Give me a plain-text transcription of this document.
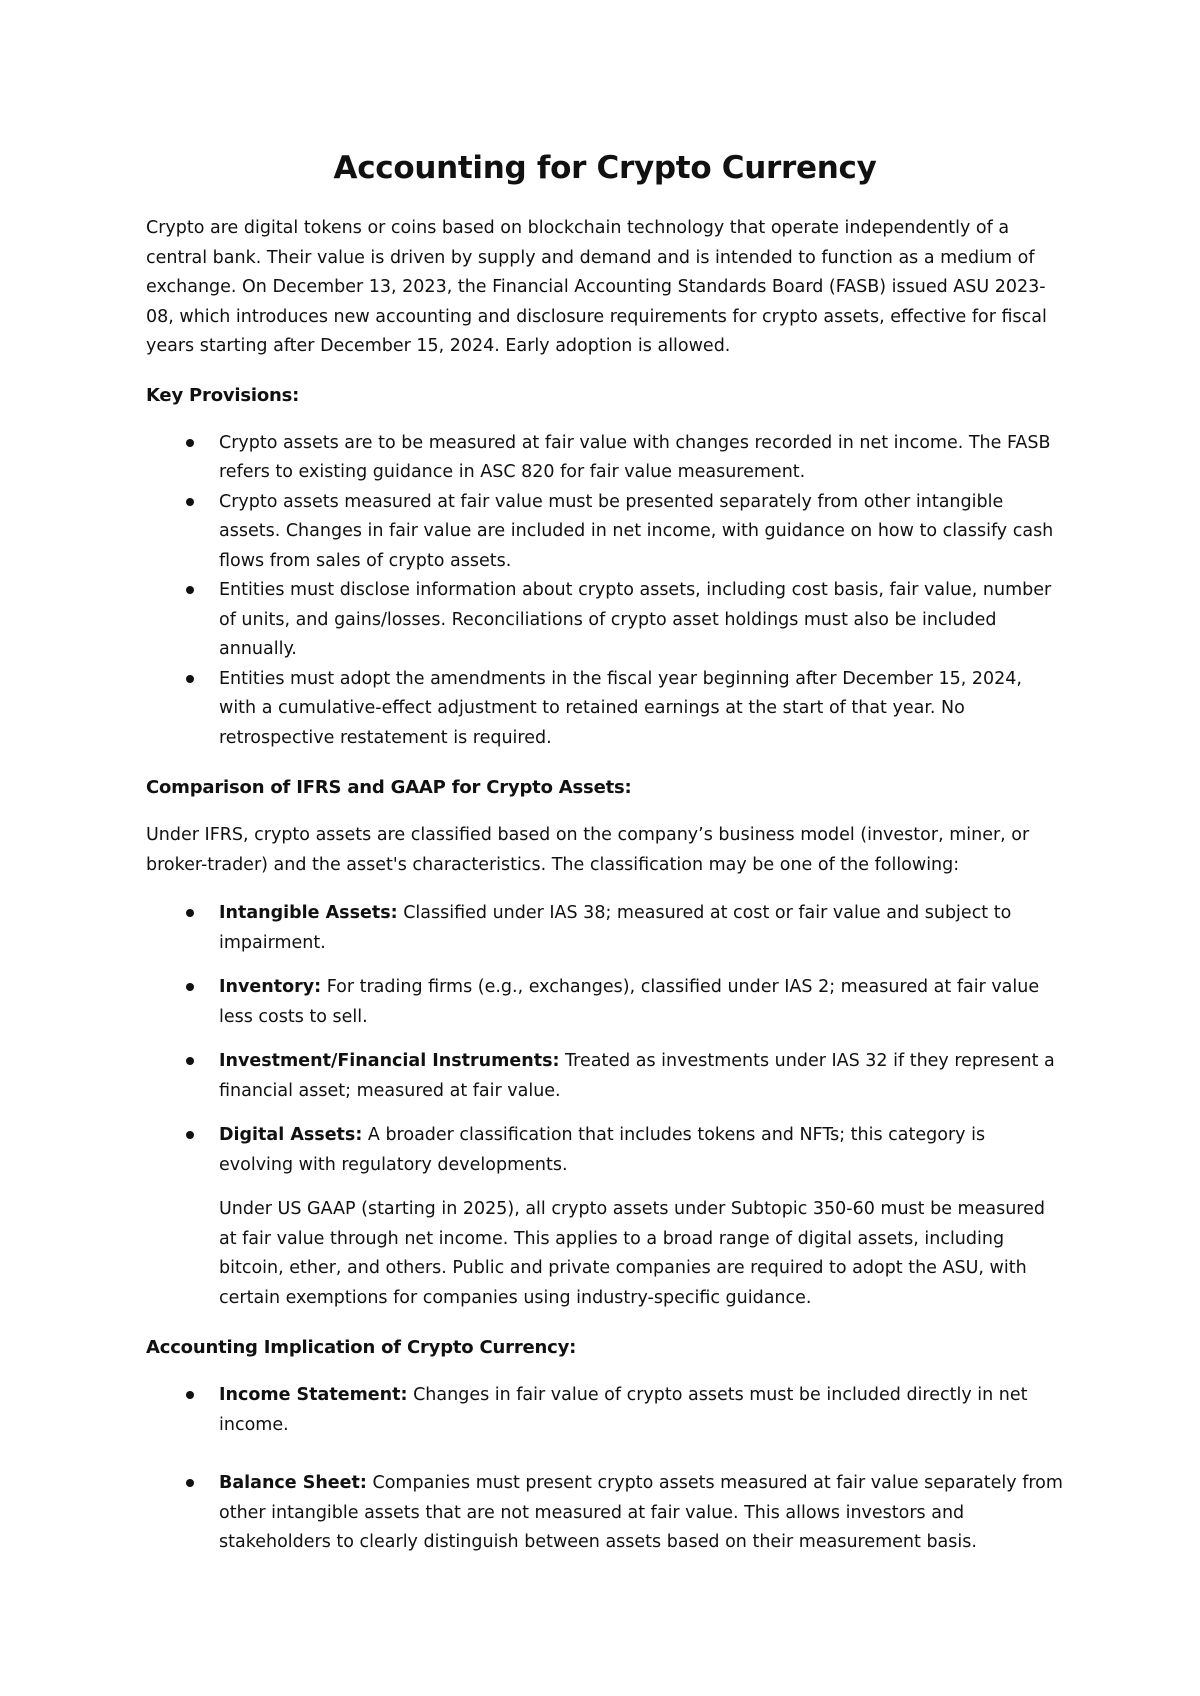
Accounting for Crypto Currency

Crypto are digital tokens or coins based on blockchain technology that operate independently of a central bank. Their value is driven by supply and demand and is intended to function as a medium of exchange. On December 13, 2023, the Financial Accounting Standards Board (FASB) issued ASU 2023-08, which introduces new accounting and disclosure requirements for crypto assets, effective for fiscal years starting after December 15, 2024. Early adoption is allowed.

Key Provisions:
Crypto assets are to be measured at fair value with changes recorded in net income. The FASB refers to existing guidance in ASC 820 for fair value measurement.
Crypto assets measured at fair value must be presented separately from other intangible assets. Changes in fair value are included in net income, with guidance on how to classify cash flows from sales of crypto assets.
Entities must disclose information about crypto assets, including cost basis, fair value, number of units, and gains/losses. Reconciliations of crypto asset holdings must also be included annually.
Entities must adopt the amendments in the fiscal year beginning after December 15, 2024, with a cumulative-effect adjustment to retained earnings at the start of that year. No retrospective restatement is required.
Comparison of IFRS and GAAP for Crypto Assets:

Under IFRS, crypto assets are classified based on the company’s business model (investor, miner, or broker-trader) and the asset's characteristics. The classification may be one of the following:

Intangible Assets: Classified under IAS 38; measured at cost or fair value and subject to impairment.
Inventory: For trading firms (e.g., exchanges), classified under IAS 2; measured at fair value less costs to sell.
Investment/Financial Instruments: Treated as investments under IAS 32 if they represent a financial asset; measured at fair value.
Digital Assets: A broader classification that includes tokens and NFTs; this category is evolving with regulatory developments.

Under US GAAP (starting in 2025), all crypto assets under Subtopic 350-60 must be measured at fair value through net income. This applies to a broad range of digital assets, including bitcoin, ether, and others. Public and private companies are required to adopt the ASU, with certain exemptions for companies using industry-specific guidance.

Accounting Implication of Crypto Currency:
Income Statement: Changes in fair value of crypto assets must be included directly in net income.
Balance Sheet: Companies must present crypto assets measured at fair value separately from other intangible assets that are not measured at fair value. This allows investors and stakeholders to clearly distinguish between assets based on their measurement basis.
